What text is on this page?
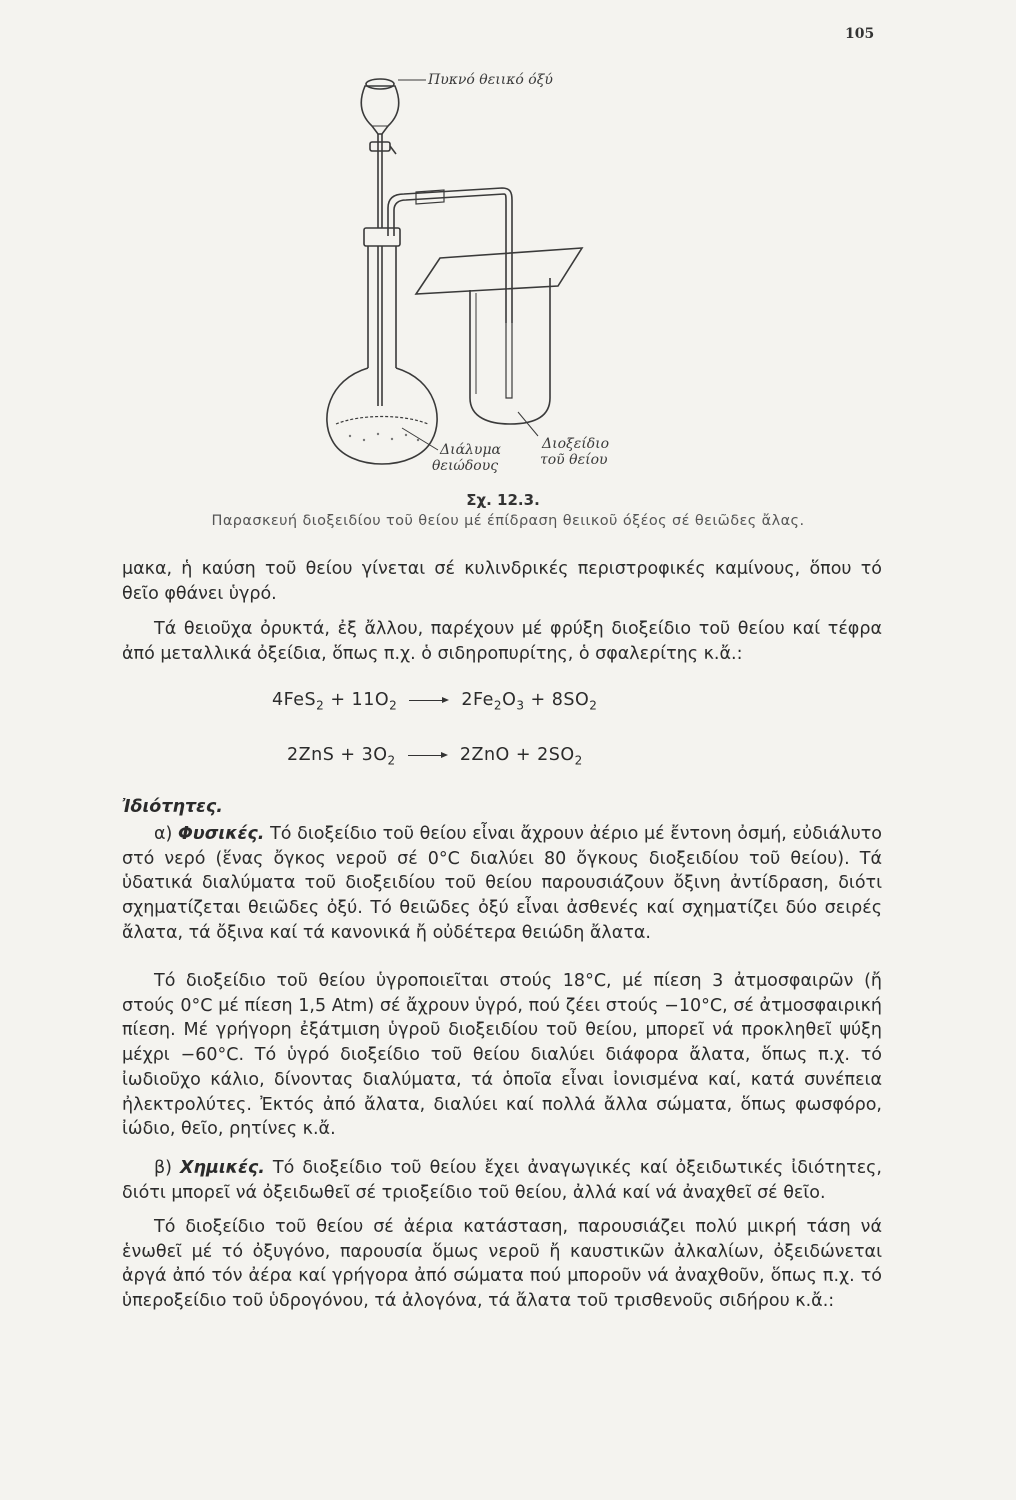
105
Πυκνό θειικό όξύ
Διάλυμα
θειώδους
Διοξείδιο
τοῦ θείου
Σχ. 12.3.
Παρασκευή διοξειδίου τοῦ θείου μέ έπίδραση θειικοῦ όξέος σέ θειῶδες ἄλας.

μακα, ἡ καύση τοῦ θείου γίνεται σέ κυλινδρικές περιστροφικές καμίνους, ὅπου τό θεῖο φθάνει ὑγρό.

Τά θειοῦχα ὀρυκτά, ἐξ ἄλλου, παρέχουν μέ φρύξη διοξείδιο τοῦ θείου καί τέφρα ἀπό μεταλλικά ὀξείδια, ὅπως π.χ. ὁ σιδηροπυρίτης, ὁ σφαλερίτης κ.ἄ.:

$4FeS_2 + 11O_2$	$2Fe_2O_3 + 8SO_2$
$2ZnS + 3O_2$	$2ZnO + 2SO_2$
Ἰδιότητες.

α) Φυσικές. Τό διοξείδιο τοῦ θείου εἶναι ἄχρουν ἀέριο μέ ἔντονη ὀσμή, εὐδιάλυτο στό νερό (ἕνας ὄγκος νεροῦ σέ 0°C διαλύει 80 ὄγκους διοξειδίου τοῦ θείου). Τά ὑδατικά διαλύματα τοῦ διοξειδίου τοῦ θείου παρουσιάζουν ὄξινη ἀντίδραση, διότι σχηματίζεται θειῶδες ὀξύ. Τό θειῶδες ὀξύ εἶναι ἀσθενές καί σχηματίζει δύο σειρές ἄλατα, τά ὄξινα καί τά κανονικά ἤ οὐδέτερα θειώδη ἄλατα.

Τό διοξείδιο τοῦ θείου ὑγροποιεῖται στούς 18°C, μέ πίεση 3 ἀτμοσφαιρῶν (ἤ στούς 0°C μέ πίεση 1,5 Atm) σέ ἄχρουν ὑγρό, πού ζέει στούς −10°C, σέ ἀτμοσφαιρική πίεση. Μέ γρήγορη ἐξάτμιση ὑγροῦ διοξειδίου τοῦ θείου, μπορεῖ νά προκληθεῖ ψύξη μέχρι −60°C. Τό ὑγρό διοξείδιο τοῦ θείου διαλύει διάφορα ἄλατα, ὅπως π.χ. τό ἰωδιοῦχο κάλιο, δίνοντας διαλύματα, τά ὁποῖα εἶναι ἰονισμένα καί, κατά συνέπεια ἠλεκτρολύτες. Ἐκτός ἀπό ἄλατα, διαλύει καί πολλά ἄλλα σώματα, ὅπως φωσφόρο, ἰώδιο, θεῖο, ρητίνες κ.ἄ.

β) Χημικές. Τό διοξείδιο τοῦ θείου ἔχει ἀναγωγικές καί ὀξειδωτικές ἰδιότητες, διότι μπορεῖ νά ὀξειδωθεῖ σέ τριοξείδιο τοῦ θείου, ἀλλά καί νά ἀναχθεῖ σέ θεῖο.

Τό διοξείδιο τοῦ θείου σέ ἀέρια κατάσταση, παρουσιάζει πολύ μικρή τάση νά ἑνωθεῖ μέ τό ὀξυγόνο, παρουσία ὅμως νεροῦ ἤ καυστικῶν ἀλκαλίων, ὀξειδώνεται ἀργά ἀπό τόν ἀέρα καί γρήγορα ἀπό σώματα πού μποροῦν νά ἀναχθοῦν, ὅπως π.χ. τό ὑπεροξείδιο τοῦ ὑδρογόνου, τά ἀλογόνα, τά ἄλατα τοῦ τρισθενοῦς σιδήρου κ.ἄ.:
